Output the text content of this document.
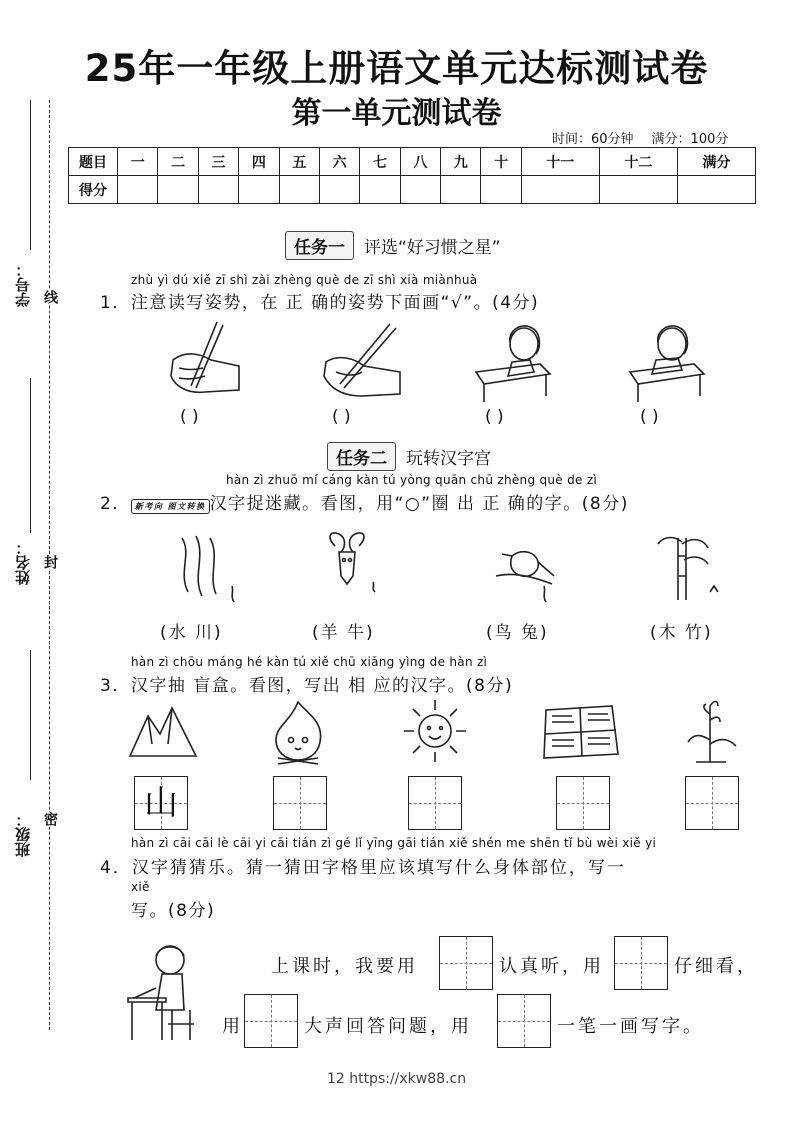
25年一年级上册语文单元达标测试卷
第一单元测试卷
时间：60分钟 满分：100分
题目	一	二	三	四	五	六	七	八	九	十	十一	十二	满分
得分													
学号：
姓名：
班级：
线
封
密
任务一 评选“好习惯之星”
zhù yì dú xiě zī shì zài zhèng què de zī shì xià miànhuà
1．注意读写姿势，在 正 确的姿势下面画“√”。(4分)
( )	( )	( )	( )
任务二 玩转汉字宫
hàn zì zhuō mí cáng kàn tú yòng quān chū zhèng què de zì
2． 新考向 图文转换 汉字捉迷藏。看图，用“○”圈 出 正 确的字。(8分)
(水 川)	(羊 牛)	(鸟 兔)	(木 竹)
hàn zì chōu máng hé kàn tú xiě chū xiāng yìng de hàn zì
3．汉字抽 盲盒。看图，写出 相 应的汉字。(8分)
山
hàn zì cāi cāi lè cāi yi cāi tián zì gé lǐ yīng gāi tián xiě shén me shēn tǐ bù wèi xiě yi
4．汉字猜猜乐。猜一猜田字格里应该填写什么身体部位，写一
xiě
写。(8分)
上课时，我要用	认真听，用	仔细看，
用	大声回答问题，用	一笔一画写字。
12 https://xkw88.cn
